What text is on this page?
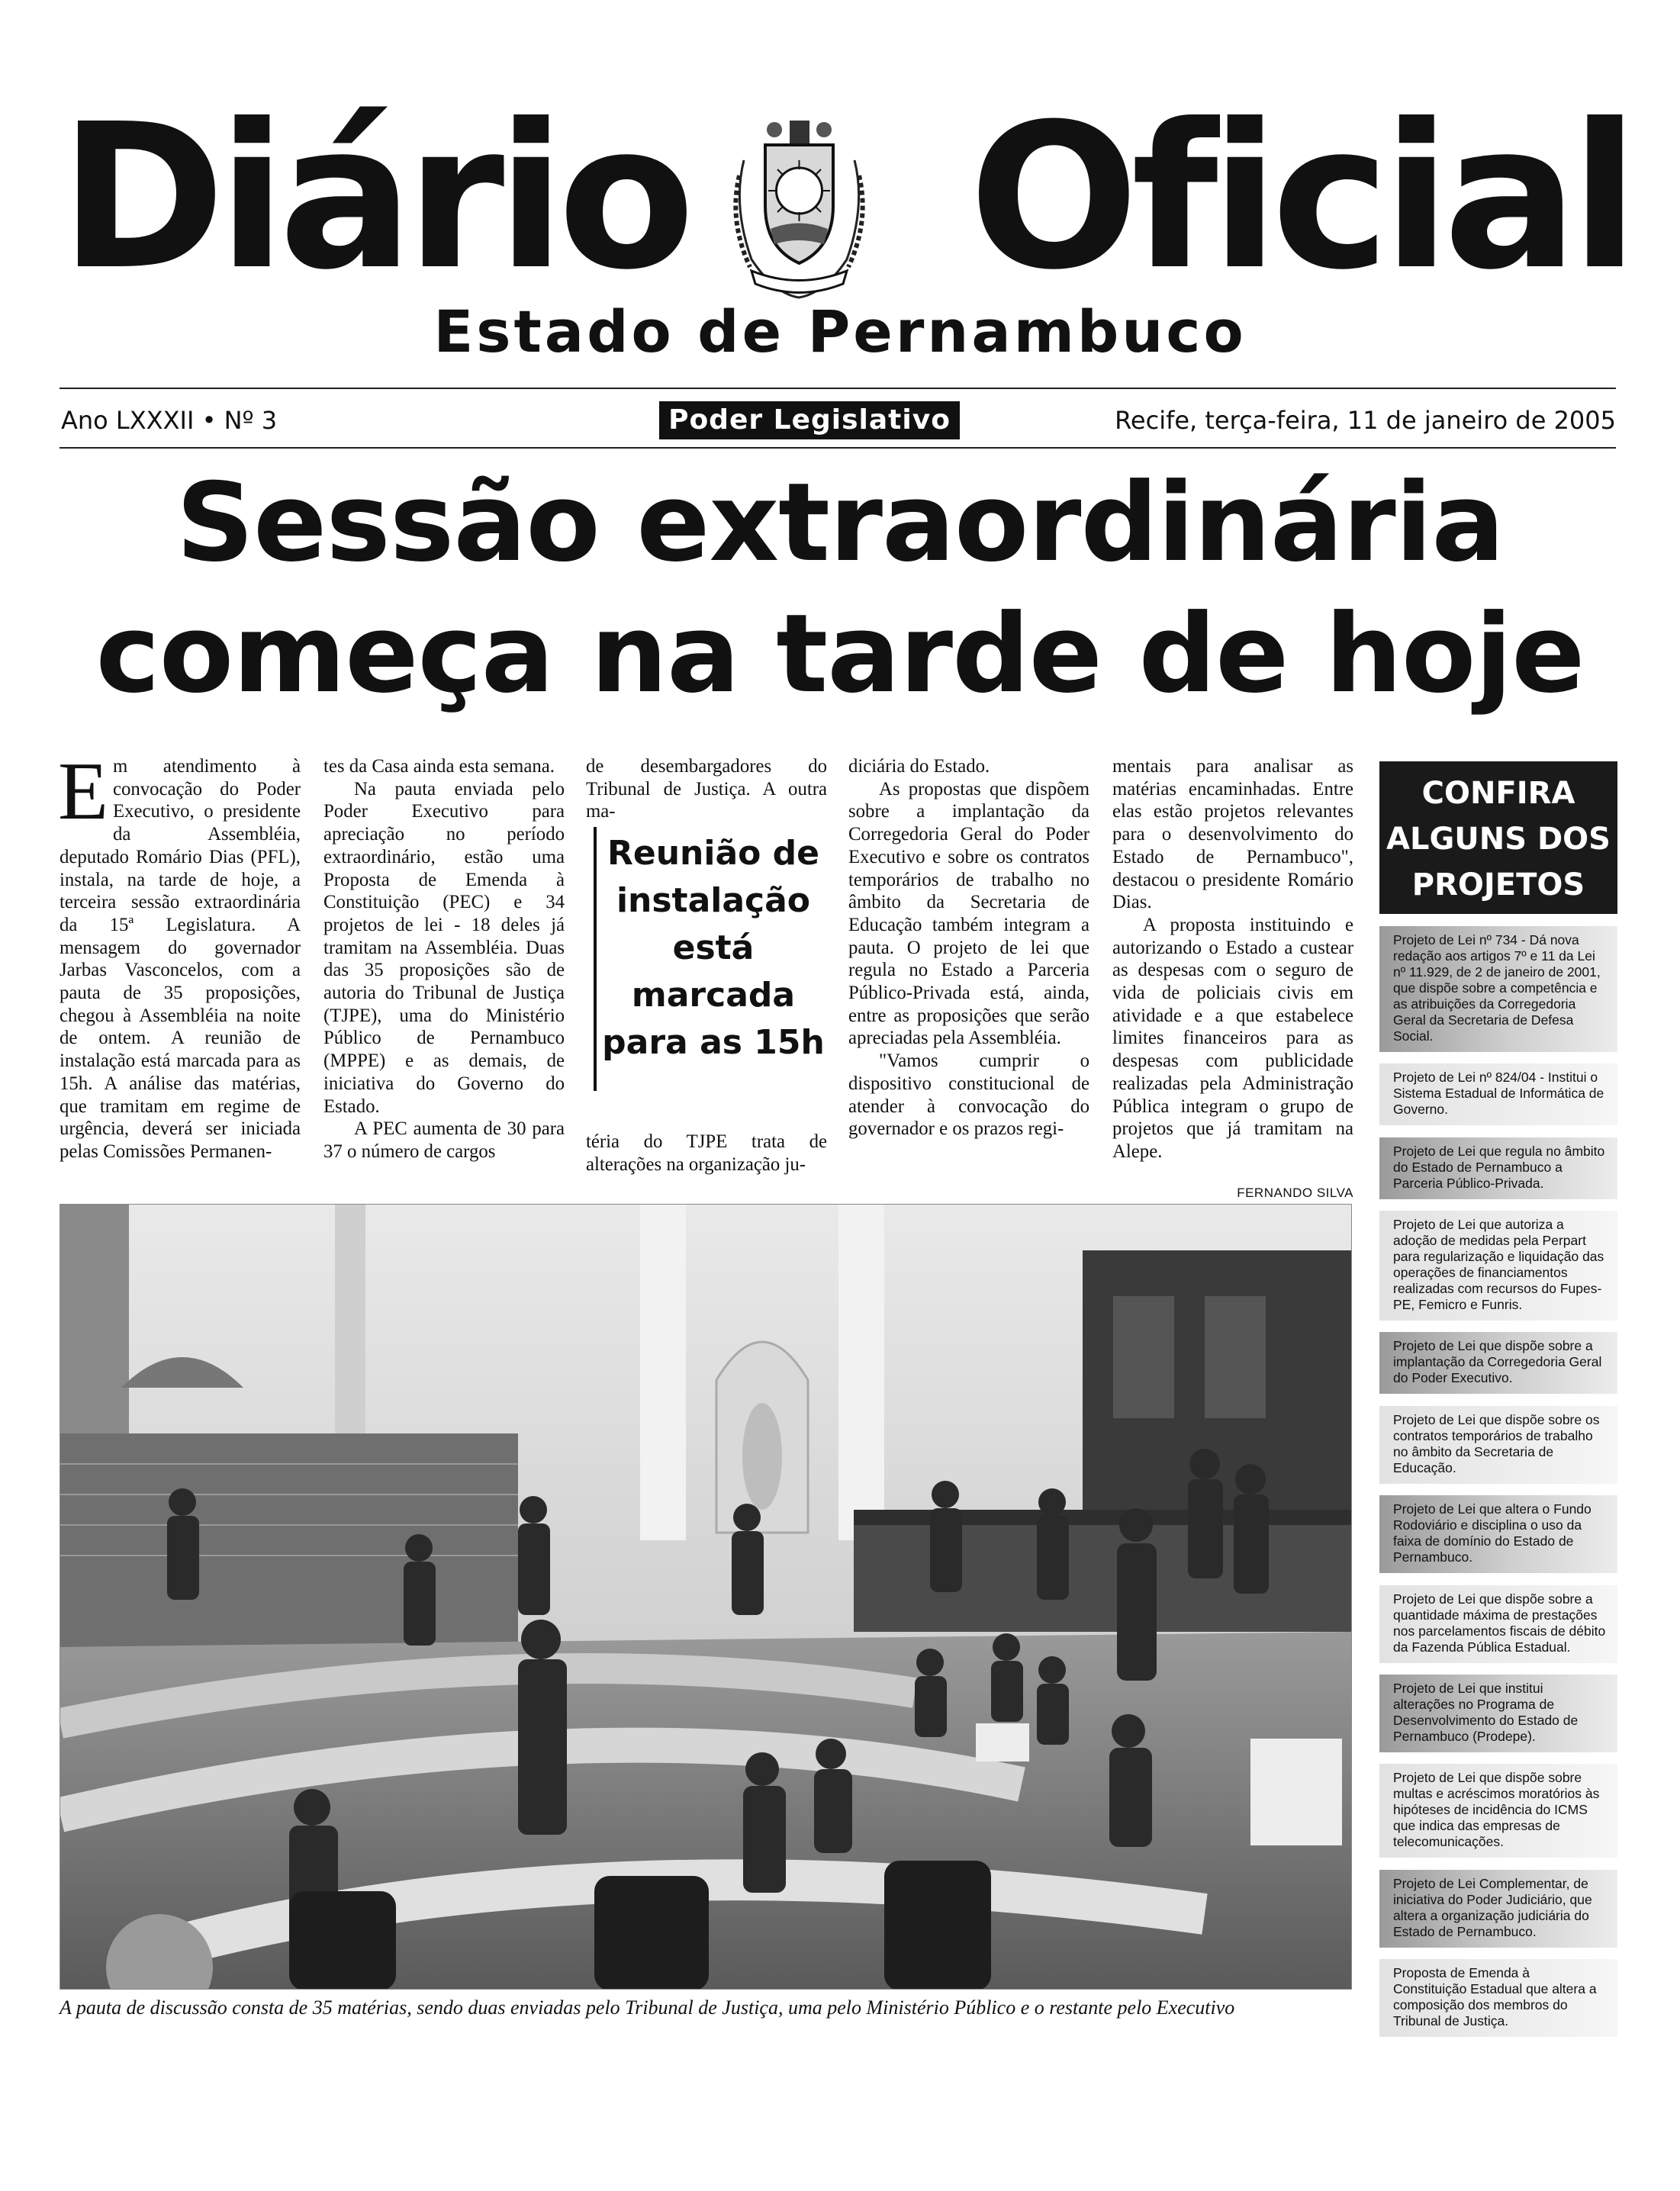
Diário Oficial
Estado de Pernambuco
Ano LXXXII • Nº 3	Poder Legislativo	Recife, terça-feira, 11 de janeiro de 2005
Sessão extraordinária
começa na tarde de hoje

Em atendimento à convocação do Poder Executivo, o presidente da Assembléia, deputado Romário Dias (PFL), instala, na tarde de hoje, a terceira sessão extraordinária da 15ª Legislatura. A mensagem do governador Jarbas Vasconcelos, com a pauta de 35 proposições, chegou à Assembléia na noite de ontem. A reunião de instalação está marcada para as 15h. A análise das matérias, que tramitam em regime de urgência, deverá ser iniciada pelas Comissões Permanen-

tes da Casa ainda esta semana.

Na pauta enviada pelo Poder Executivo para apreciação no período extraordinário, estão uma Proposta de Emenda à Constituição (PEC) e 34 projetos de lei - 18 deles já tramitam na Assembléia. Duas das 35 proposições são de autoria do Tribunal de Justiça (TJPE), uma do Ministério Público de Pernambuco (MPPE) e as demais, de iniciativa do Governo do Estado.

A PEC aumenta de 30 para 37 o número de cargos

de desembargadores do Tribunal de Justiça. A outra ma-

Reunião de
instalação
está
marcada
para as 15h
téria do TJPE trata de alterações na organização ju-

diciária do Estado.

As propostas que dispõem sobre a implantação da Corregedoria Geral do Poder Executivo e sobre os contratos temporários de trabalho no âmbito da Secretaria de Educação também integram a pauta. O projeto de lei que regula no Estado a Parceria Público-Privada está, ainda, entre as proposições que serão apreciadas pela Assembléia.

"Vamos cumprir o dispositivo constitucional de atender à convocação do governador e os prazos regi-

mentais para analisar as matérias encaminhadas. Entre elas estão projetos relevantes para o desenvolvimento do Estado de Pernambuco", destacou o presidente Romário Dias.

A proposta instituindo e autorizando o Estado a custear as despesas com o seguro de vida de policiais civis em atividade e a que estabelece limites financeiros para as despesas com publicidade realizadas pela Administração Pública integram o grupo de projetos que já tramitam na Alepe.

FERNANDO SILVA
A pauta de discussão consta de 35 matérias, sendo duas enviadas pelo Tribunal de Justiça, uma pelo Ministério Público e o restante pelo Executivo
CONFIRA
ALGUNS DOS
PROJETOS
Projeto de Lei nº 734 - Dá nova redação aos artigos 7º e 11 da Lei nº 11.929, de 2 de janeiro de 2001, que dispõe sobre a competência e as atribuições da Corregedoria Geral da Secretaria de Defesa Social.
Projeto de Lei nº 824/04 - Institui o Sistema Estadual de Informática de Governo.
Projeto de Lei que regula no âmbito do Estado de Pernambuco a Parceria Público-Privada.
Projeto de Lei que autoriza a adoção de medidas pela Perpart para regularização e liquidação das operações de financiamentos realizadas com recursos do Fupes-PE, Femicro e Funris.
Projeto de Lei que dispõe sobre a implantação da Corregedoria Geral do Poder Executivo.
Projeto de Lei que dispõe sobre os contratos temporários de trabalho no âmbito da Secretaria de Educação.
Projeto de Lei que altera o Fundo Rodoviário e disciplina o uso da faixa de domínio do Estado de Pernambuco.
Projeto de Lei que dispõe sobre a quantidade máxima de prestações nos parcelamentos fiscais de débito da Fazenda Pública Estadual.
Projeto de Lei que institui alterações no Programa de Desenvolvimento do Estado de Pernambuco (Prodepe).
Projeto de Lei que dispõe sobre multas e acréscimos moratórios às hipóteses de incidência do ICMS que indica das empresas de telecomunicações.
Projeto de Lei Complementar, de iniciativa do Poder Judiciário, que altera a organização judiciária do Estado de Pernambuco.
Proposta de Emenda à Constituição Estadual que altera a composição dos membros do Tribunal de Justiça.
